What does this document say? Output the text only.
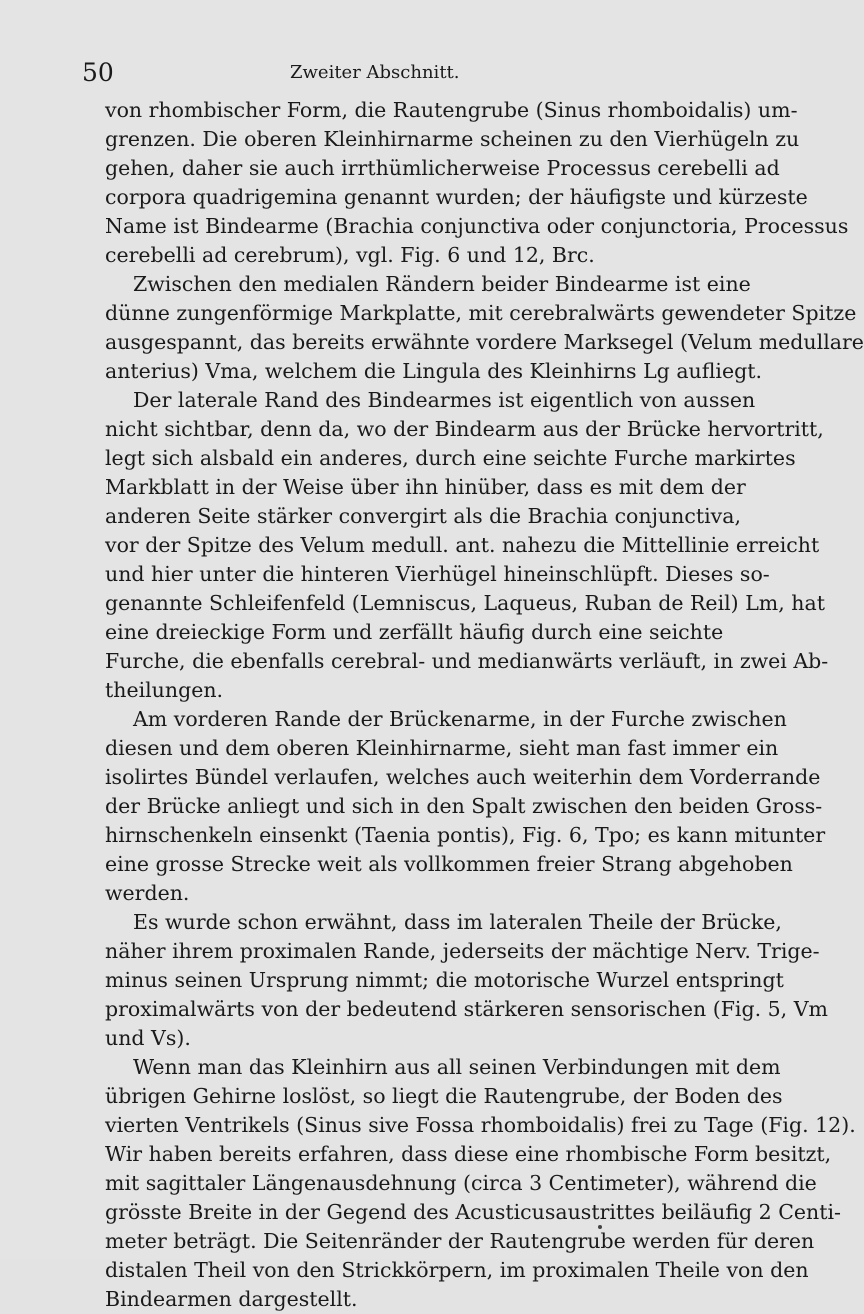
50	Zweiter Abschnitt.
von rhombischer Form, die Rautengrube (Sinus rhomboidalis) um-
grenzen. Die oberen Kleinhirnarme scheinen zu den Vierhügeln zu
gehen, daher sie auch irrthümlicherweise Processus cerebelli ad
corpora quadrigemina genannt wurden; der häufigste und kürzeste
Name ist Bindearme (Brachia conjunctiva oder conjunctoria, Processus
cerebelli ad cerebrum), vgl. Fig. 6 und 12, Brc.
Zwischen den medialen Rändern beider Bindearme ist eine
dünne zungenförmige Markplatte, mit cerebralwärts gewendeter Spitze
ausgespannt, das bereits erwähnte vordere Marksegel (Velum medullare
anterius) Vma, welchem die Lingula des Kleinhirns Lg aufliegt.
Der laterale Rand des Bindearmes ist eigentlich von aussen
nicht sichtbar, denn da, wo der Bindearm aus der Brücke hervortritt,
legt sich alsbald ein anderes, durch eine seichte Furche markirtes
Markblatt in der Weise über ihn hinüber, dass es mit dem der
anderen Seite stärker convergirt als die Brachia conjunctiva,
vor der Spitze des Velum medull. ant. nahezu die Mittellinie erreicht
und hier unter die hinteren Vierhügel hineinschlüpft. Dieses so-
genannte Schleifenfeld (Lemniscus, Laqueus, Ruban de Reil) Lm, hat
eine dreieckige Form und zerfällt häufig durch eine seichte
Furche, die ebenfalls cerebral- und medianwärts verläuft, in zwei Ab-
theilungen.
Am vorderen Rande der Brückenarme, in der Furche zwischen
diesen und dem oberen Kleinhirnarme, sieht man fast immer ein
isolirtes Bündel verlaufen, welches auch weiterhin dem Vorderrande
der Brücke anliegt und sich in den Spalt zwischen den beiden Gross-
hirnschenkeln einsenkt (Taenia pontis), Fig. 6, Tpo; es kann mitunter
eine grosse Strecke weit als vollkommen freier Strang abgehoben
werden.
Es wurde schon erwähnt, dass im lateralen Theile der Brücke,
näher ihrem proximalen Rande, jederseits der mächtige Nerv. Trige-
minus seinen Ursprung nimmt; die motorische Wurzel entspringt
proximalwärts von der bedeutend stärkeren sensorischen (Fig. 5, Vm
und Vs).
Wenn man das Kleinhirn aus all seinen Verbindungen mit dem
übrigen Gehirne loslöst, so liegt die Rautengrube, der Boden des
vierten Ventrikels (Sinus sive Fossa rhomboidalis) frei zu Tage (Fig. 12).
Wir haben bereits erfahren, dass diese eine rhombische Form besitzt,
mit sagittaler Längenausdehnung (circa 3 Centimeter), während die
grösste Breite in der Gegend des Acusticusaustrittes beiläufig 2 Centi-
meter beträgt. Die Seitenränder der Rautengrube werden für deren
distalen Theil von den Strickkörpern, im proximalen Theile von den
Bindearmen dargestellt.
